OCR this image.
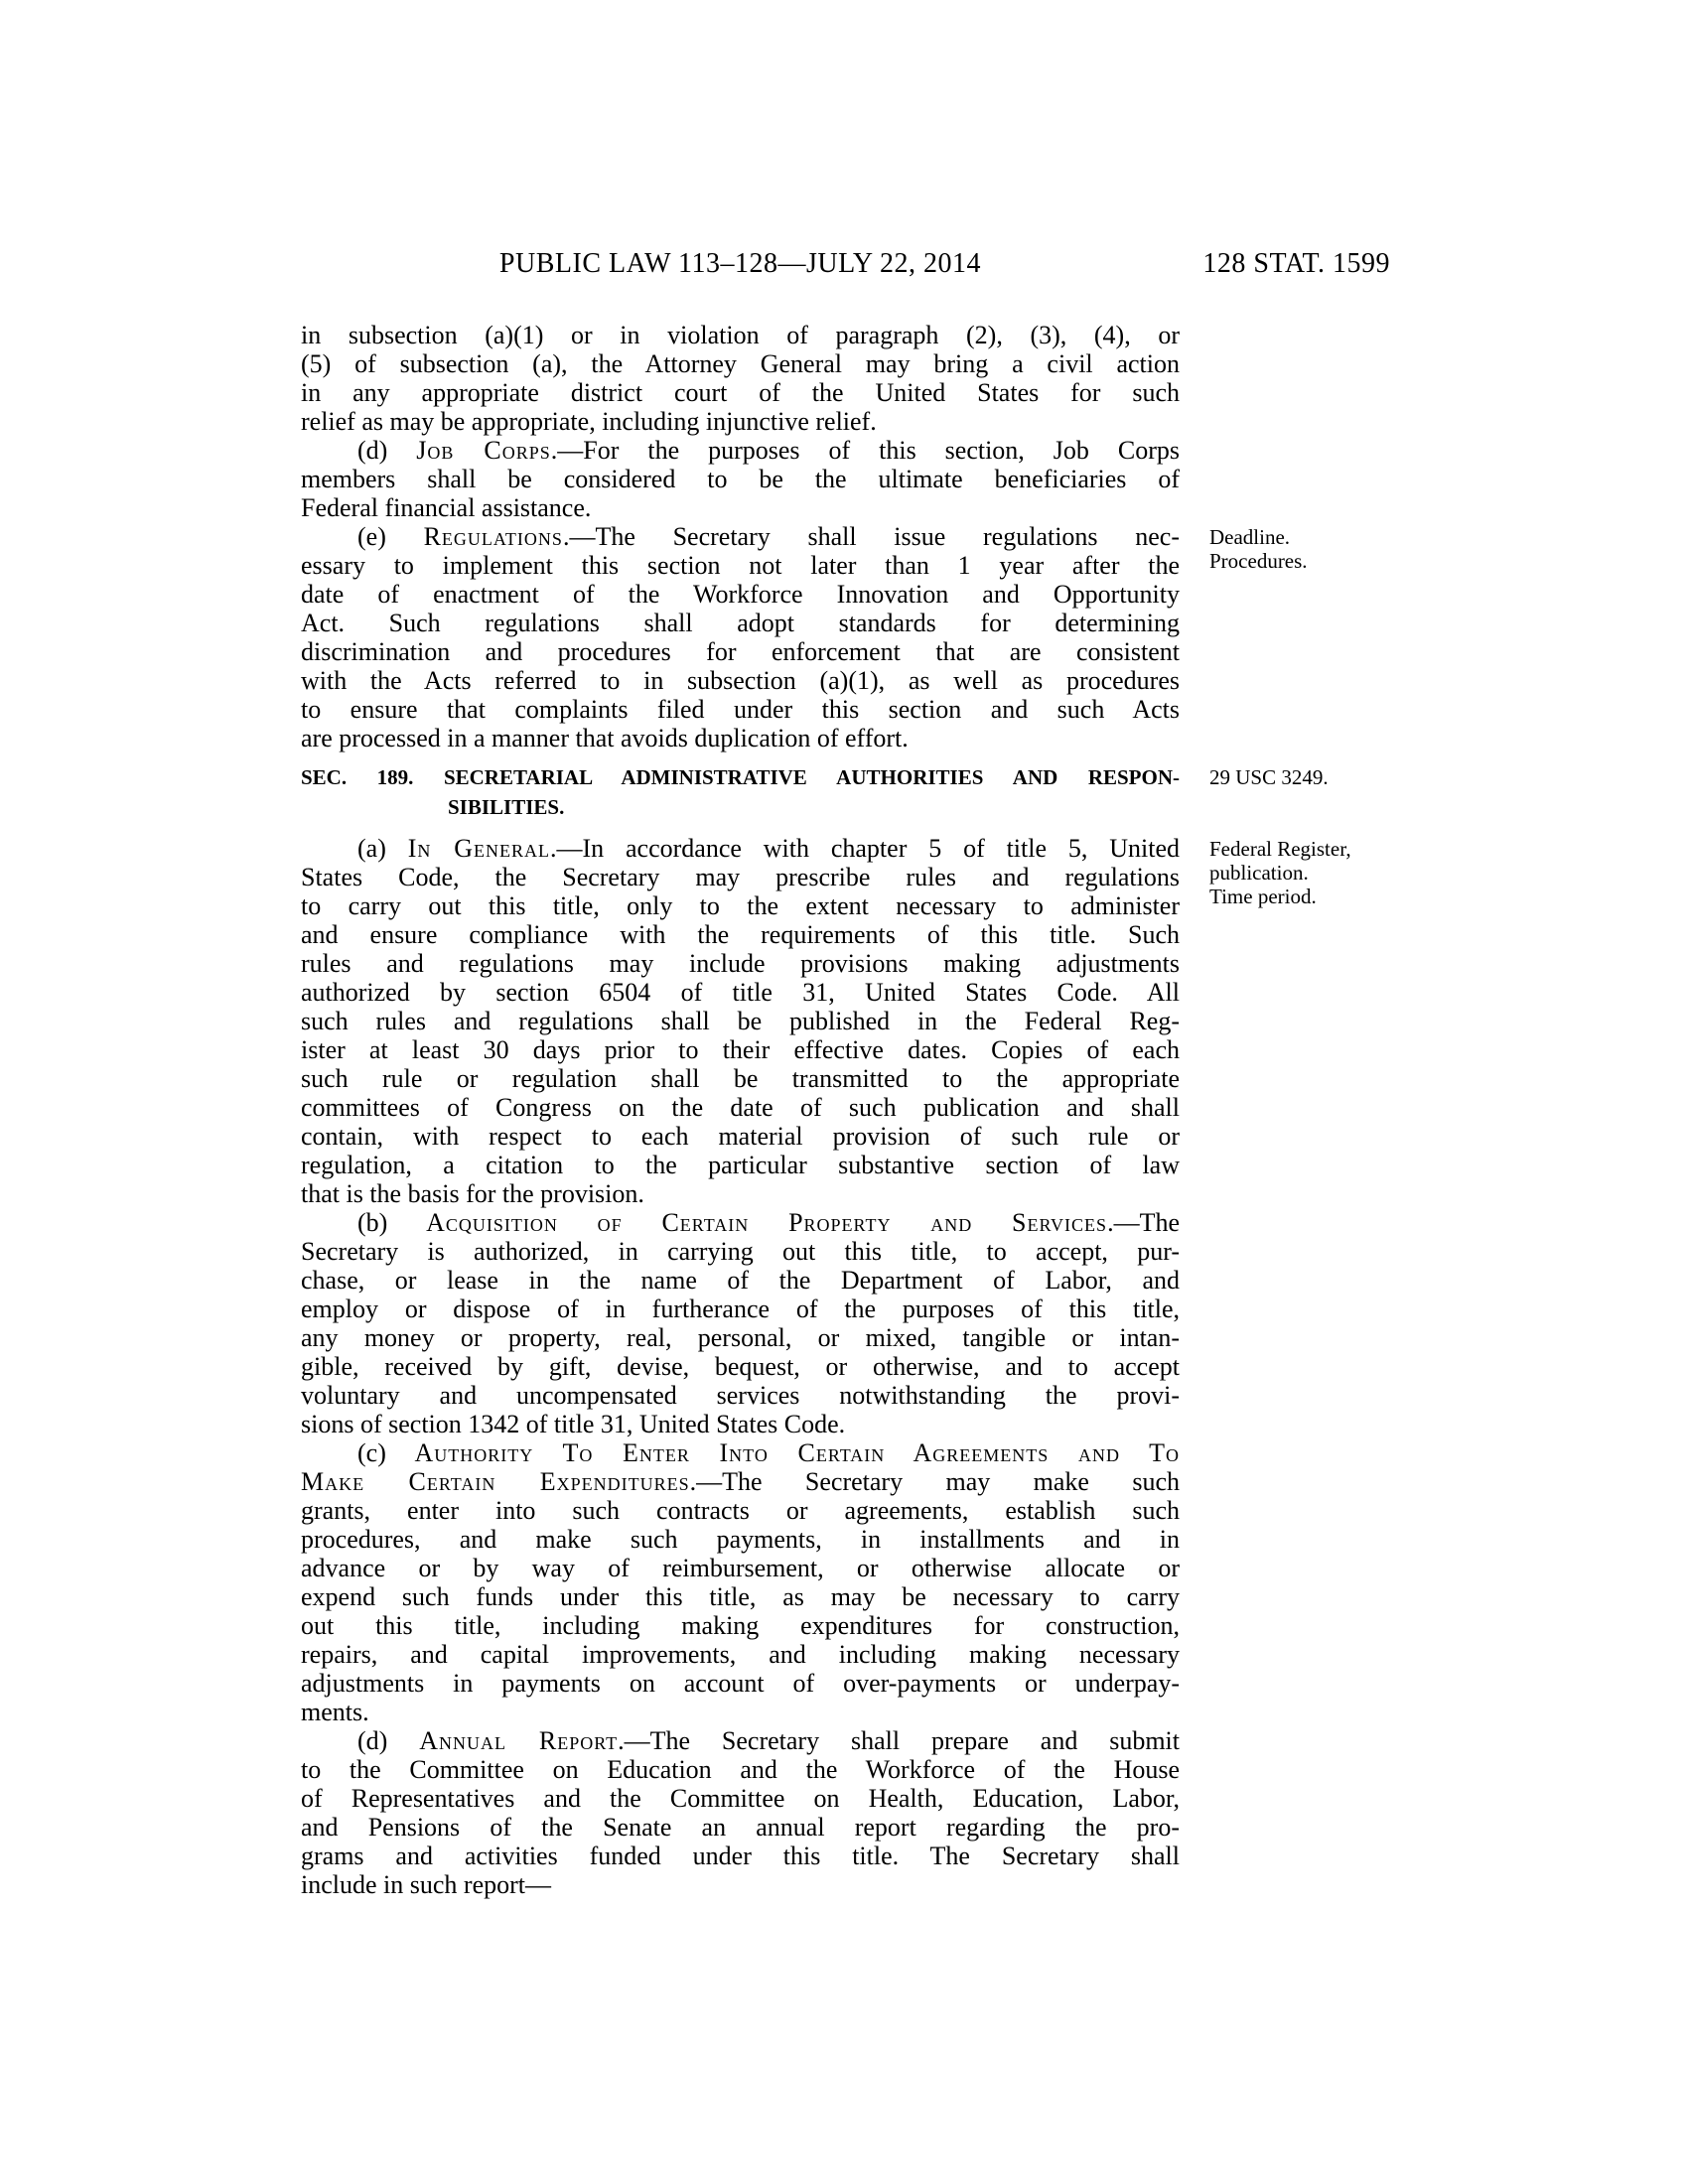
PUBLIC LAW 113–128—JULY 22, 2014	128 STAT. 1599
in subsection (a)(1) or in violation of paragraph (2), (3), (4), or
(5) of subsection (a), the Attorney General may bring a civil action
in any appropriate district court of the United States for such
relief as may be appropriate, including injunctive relief.
(d) Job Corps.—For the purposes of this section, Job Corps
members shall be considered to be the ultimate beneficiaries of
Federal financial assistance.
Deadline.
Procedures.
(e) Regulations.—The Secretary shall issue regulations nec-
essary to implement this section not later than 1 year after the
date of enactment of the Workforce Innovation and Opportunity
Act. Such regulations shall adopt standards for determining
discrimination and procedures for enforcement that are consistent
with the Acts referred to in subsection (a)(1), as well as procedures
to ensure that complaints filed under this section and such Acts
are processed in a manner that avoids duplication of effort.
29 USC 3249.
SEC. 189. SECRETARIAL ADMINISTRATIVE AUTHORITIES AND RESPON-
SIBILITIES.
Federal Register,
publication.
Time period.
(a) In General.—In accordance with chapter 5 of title 5, United
States Code, the Secretary may prescribe rules and regulations
to carry out this title, only to the extent necessary to administer
and ensure compliance with the requirements of this title. Such
rules and regulations may include provisions making adjustments
authorized by section 6504 of title 31, United States Code. All
such rules and regulations shall be published in the Federal Reg-
ister at least 30 days prior to their effective dates. Copies of each
such rule or regulation shall be transmitted to the appropriate
committees of Congress on the date of such publication and shall
contain, with respect to each material provision of such rule or
regulation, a citation to the particular substantive section of law
that is the basis for the provision.
(b) Acquisition of Certain Property and Services.—The
Secretary is authorized, in carrying out this title, to accept, pur-
chase, or lease in the name of the Department of Labor, and
employ or dispose of in furtherance of the purposes of this title,
any money or property, real, personal, or mixed, tangible or intan-
gible, received by gift, devise, bequest, or otherwise, and to accept
voluntary and uncompensated services notwithstanding the provi-
sions of section 1342 of title 31, United States Code.
(c) Authority To Enter Into Certain Agreements and To
Make Certain Expenditures.—The Secretary may make such
grants, enter into such contracts or agreements, establish such
procedures, and make such payments, in installments and in
advance or by way of reimbursement, or otherwise allocate or
expend such funds under this title, as may be necessary to carry
out this title, including making expenditures for construction,
repairs, and capital improvements, and including making necessary
adjustments in payments on account of over-payments or underpay-
ments.
(d) Annual Report.—The Secretary shall prepare and submit
to the Committee on Education and the Workforce of the House
of Representatives and the Committee on Health, Education, Labor,
and Pensions of the Senate an annual report regarding the pro-
grams and activities funded under this title. The Secretary shall
include in such report—
